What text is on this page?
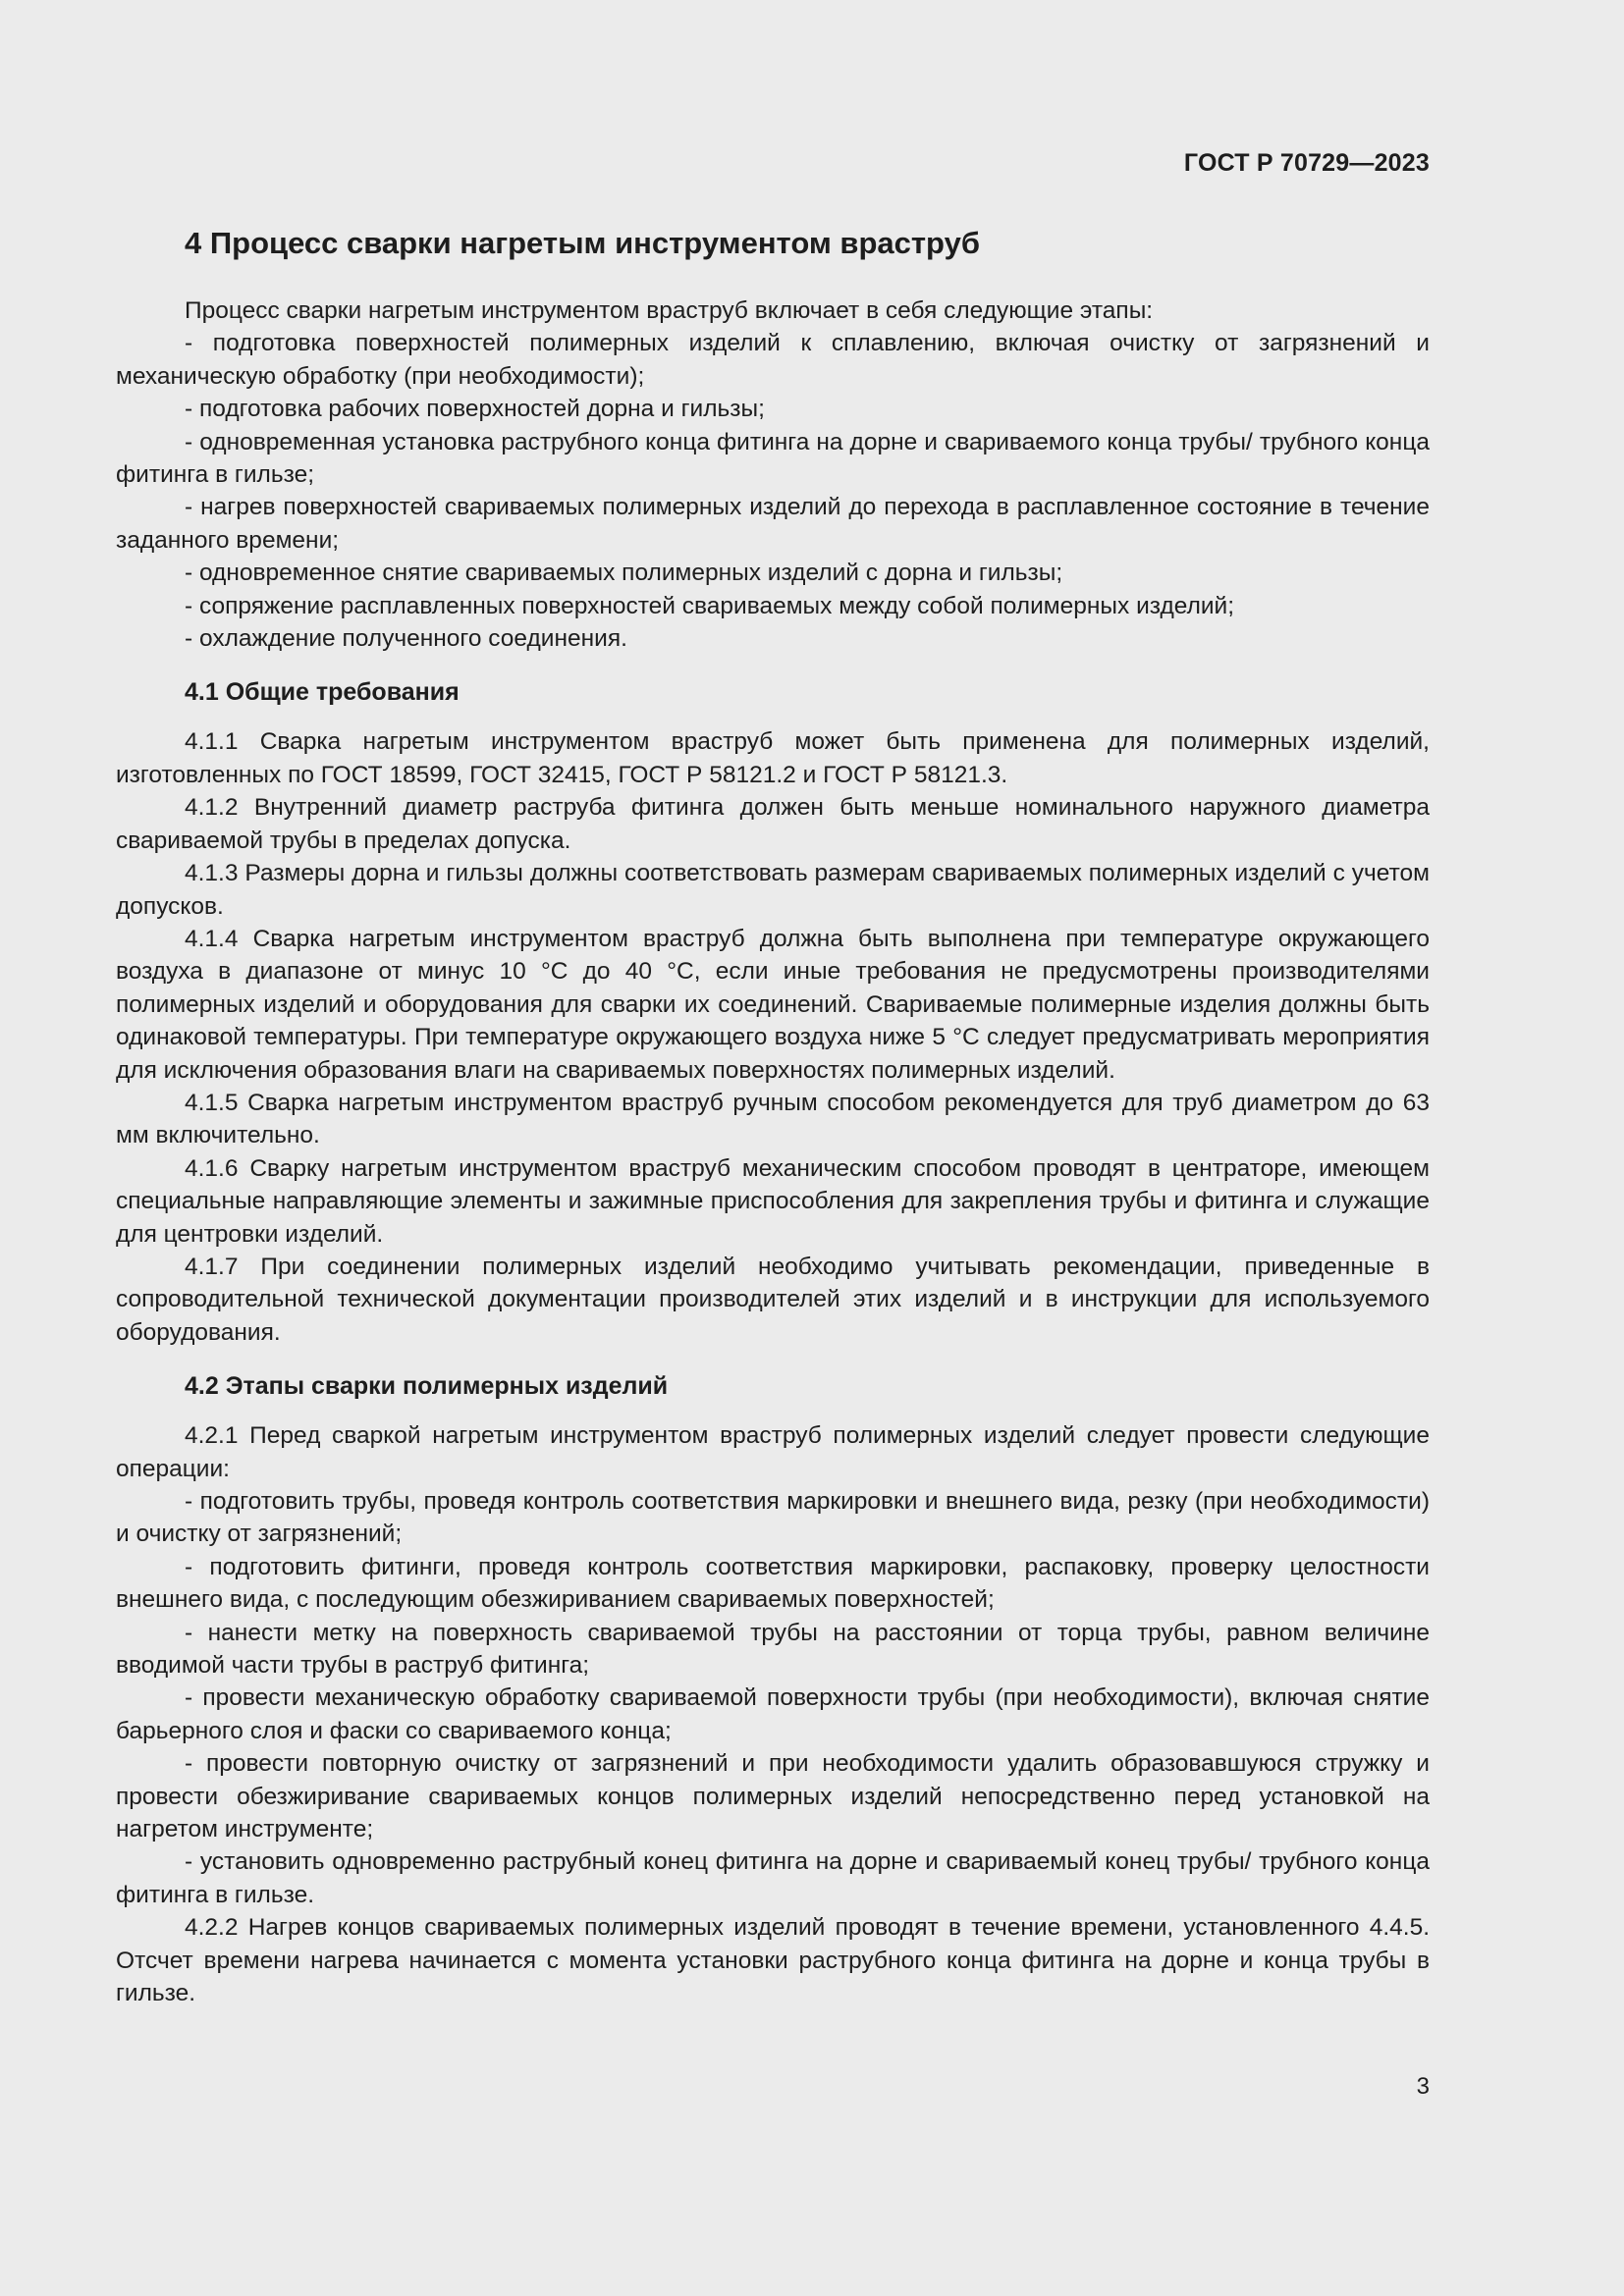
ГОСТ Р 70729—2023
4 Процесс сварки нагретым инструментом враструб

Процесс сварки нагретым инструментом враструб включает в себя следующие этапы:

- подготовка поверхностей полимерных изделий к сплавлению, включая очистку от загрязнений и механическую обработку (при необходимости);

- подготовка рабочих поверхностей дорна и гильзы;

- одновременная установка раструбного конца фитинга на дорне и свариваемого конца трубы/ трубного конца фитинга в гильзе;

- нагрев поверхностей свариваемых полимерных изделий до перехода в расплавленное состояние в течение заданного времени;

- одновременное снятие свариваемых полимерных изделий с дорна и гильзы;

- сопряжение расплавленных поверхностей свариваемых между собой полимерных изделий;

- охлаждение полученного соединения.

4.1 Общие требования

4.1.1 Сварка нагретым инструментом враструб может быть применена для полимерных изделий, изготовленных по ГОСТ 18599, ГОСТ 32415, ГОСТ Р 58121.2 и ГОСТ Р 58121.3.

4.1.2 Внутренний диаметр раструба фитинга должен быть меньше номинального наружного диаметра свариваемой трубы в пределах допуска.

4.1.3 Размеры дорна и гильзы должны соответствовать размерам свариваемых полимерных изделий с учетом допусков.

4.1.4 Сварка нагретым инструментом враструб должна быть выполнена при температуре окружающего воздуха в диапазоне от минус 10 °С до 40 °С, если иные требования не предусмотрены производителями полимерных изделий и оборудования для сварки их соединений. Свариваемые полимерные изделия должны быть одинаковой температуры. При температуре окружающего воздуха ниже 5 °С следует предусматривать мероприятия для исключения образования влаги на свариваемых поверхностях полимерных изделий.

4.1.5 Сварка нагретым инструментом враструб ручным способом рекомендуется для труб диаметром до 63 мм включительно.

4.1.6 Сварку нагретым инструментом враструб механическим способом проводят в центраторе, имеющем специальные направляющие элементы и зажимные приспособления для закрепления трубы и фитинга и служащие для центровки изделий.

4.1.7 При соединении полимерных изделий необходимо учитывать рекомендации, приведенные в сопроводительной технической документации производителей этих изделий и в инструкции для используемого оборудования.

4.2 Этапы сварки полимерных изделий

4.2.1 Перед сваркой нагретым инструментом враструб полимерных изделий следует провести следующие операции:

- подготовить трубы, проведя контроль соответствия маркировки и внешнего вида, резку (при необходимости) и очистку от загрязнений;

- подготовить фитинги, проведя контроль соответствия маркировки, распаковку, проверку целостности внешнего вида, с последующим обезжириванием свариваемых поверхностей;

- нанести метку на поверхность свариваемой трубы на расстоянии от торца трубы, равном величине вводимой части трубы в раструб фитинга;

- провести механическую обработку свариваемой поверхности трубы (при необходимости), включая снятие барьерного слоя и фаски со свариваемого конца;

- провести повторную очистку от загрязнений и при необходимости удалить образовавшуюся стружку и провести обезжиривание свариваемых концов полимерных изделий непосредственно перед установкой на нагретом инструменте;

- установить одновременно раструбный конец фитинга на дорне и свариваемый конец трубы/ трубного конца фитинга в гильзе.

4.2.2 Нагрев концов свариваемых полимерных изделий проводят в течение времени, установленного 4.4.5. Отсчет времени нагрева начинается с момента установки раструбного конца фитинга на дорне и конца трубы в гильзе.

3
